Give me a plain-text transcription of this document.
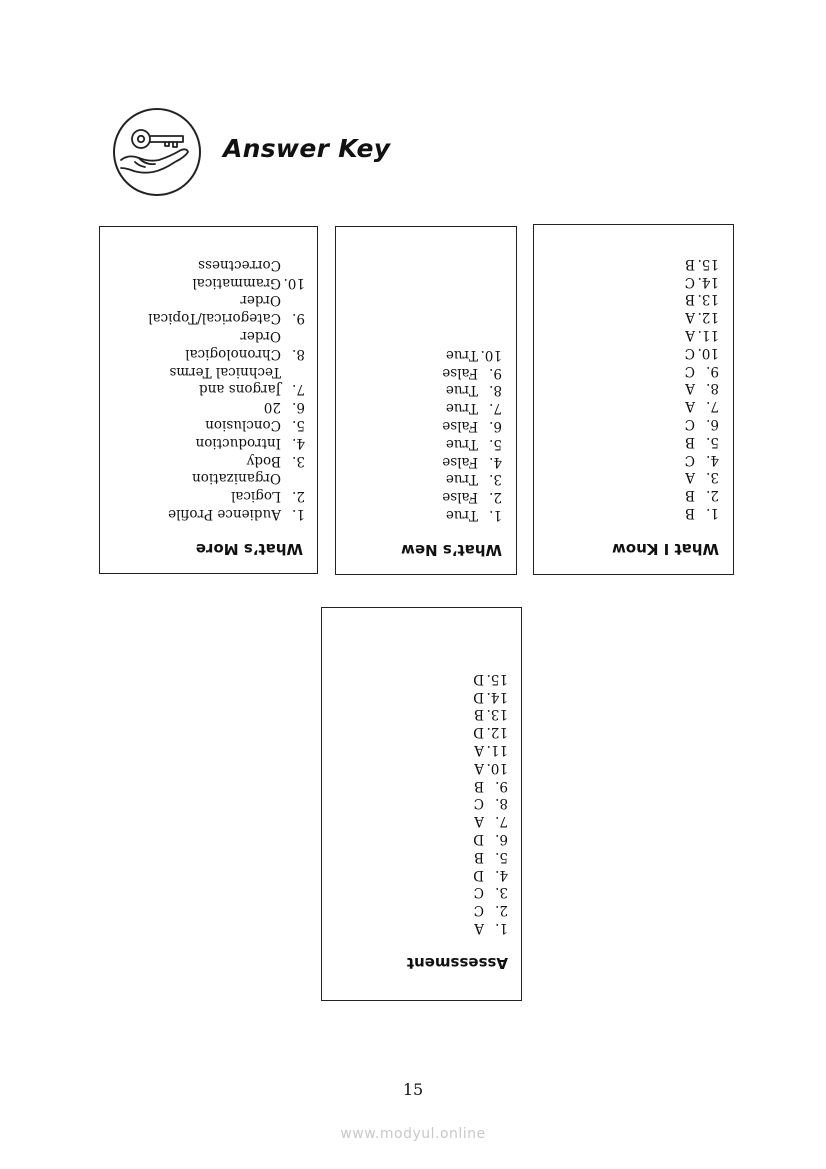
Answer Key
What’s More
1.
Audience Profile
2.
Logical
Organization
3.
Body
4.
Introduction
5.
Conclusion
6.
20
7.
Jargons and
Technical Terms
8.
Chronological
Order
9.
Categorical/Topical
Order
10.
Grammatical
Correctness
What’s New
1.
True
2.
False
3.
True
4.
False
5.
True
6.
False
7.
True
8.
True
9.
False
10.
True
What I Know
1.
B
2.
B
3.
A
4.
C
5.
B
6.
C
7.
A
8.
A
9.
C
10.
C
11.
A
12.
A
13.
B
14.
C
15.
B
Assessment
1.
A
2.
C
3.
C
4.
D
5.
B
6.
D
7.
A
8.
C
9.
B
10.
A
11.
A
12.
D
13.
B
14.
D
15.
D
15
www.modyul.online
